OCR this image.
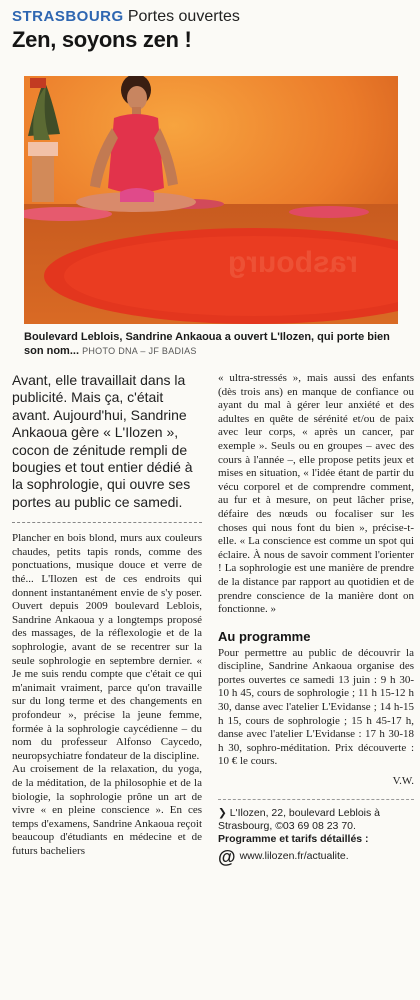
STRASBOURG Portes ouvertes
Zen, soyons zen !
rasbourg
Boulevard Leblois, Sandrine Ankaoua a ouvert L'Ilozen, qui porte bien son nom... PHOTO DNA – JF BADIAS

Avant, elle travaillait dans la publicité. Mais ça, c'était avant. Aujourd'hui, Sandrine Ankaoua gère « L'Ilozen », cocon de zénitude rempli de bougies et tout entier dédié à la sophrologie, qui ouvre ses portes au public ce samedi.

Plancher en bois blond, murs aux couleurs chaudes, petits tapis ronds, comme des ponctuations, musique douce et verre de thé... L'Ilozen est de ces endroits qui donnent instantanément envie de s'y poser. Ouvert depuis 2009 boulevard Leblois, Sandrine Ankaoua y a longtemps proposé des massages, de la réflexologie et de la sophrologie, avant de se recentrer sur la seule sophrologie en septembre dernier. « Je me suis rendu compte que c'était ce qui m'animait vraiment, parce qu'on travaille sur du long terme et des changements en profondeur », précise la jeune femme, formée à la sophrologie caycédienne – du nom du professeur Alfonso Caycedo, neuropsychiatre fondateur de la discipline.

Au croisement de la relaxation, du yoga, de la méditation, de la philosophie et de la biologie, la sophrologie prône un art de vivre « en pleine conscience ». En ces temps d'examens, Sandrine Ankaoua reçoit beaucoup d'étudiants en médecine et de futurs bacheliers

« ultra-stressés », mais aussi des enfants (dès trois ans) en manque de confiance ou ayant du mal à gérer leur anxiété et des adultes en quête de sérénité et/ou de paix avec leur corps, « après un cancer, par exemple ». Seuls ou en groupes – avec des cours à l'année –, elle propose petits jeux et mises en situation, « l'idée étant de partir du vécu corporel et de comprendre comment, au fur et à mesure, on peut lâcher prise, défaire des nœuds ou focaliser sur les choses qui nous font du bien », précise-t-elle. « La conscience est comme un spot qui éclaire. À nous de savoir comment l'orienter ! La sophrologie est une manière de prendre de la distance par rapport au quotidien et de prendre conscience de la manière dont on fonctionne. »

Au programme

Pour permettre au public de découvrir la discipline, Sandrine Ankaoua organise des portes ouvertes ce samedi 13 juin : 9 h 30-10 h 45, cours de sophrologie ; 11 h 15-12 h 30, danse avec l'atelier L'Evidanse ; 14 h-15 h 15, cours de sophrologie ; 15 h 45-17 h, danse avec l'atelier L'Evidanse : 17 h 30-18 h 30, sophro-méditation. Prix découverte : 10 € le cours.

V.W.
❯ L'Ilozen, 22, boulevard Leblois à Strasbourg, ©03 69 08 23 70.
Programme et tarifs détaillés :
@ www.lilozen.fr/actualite.
